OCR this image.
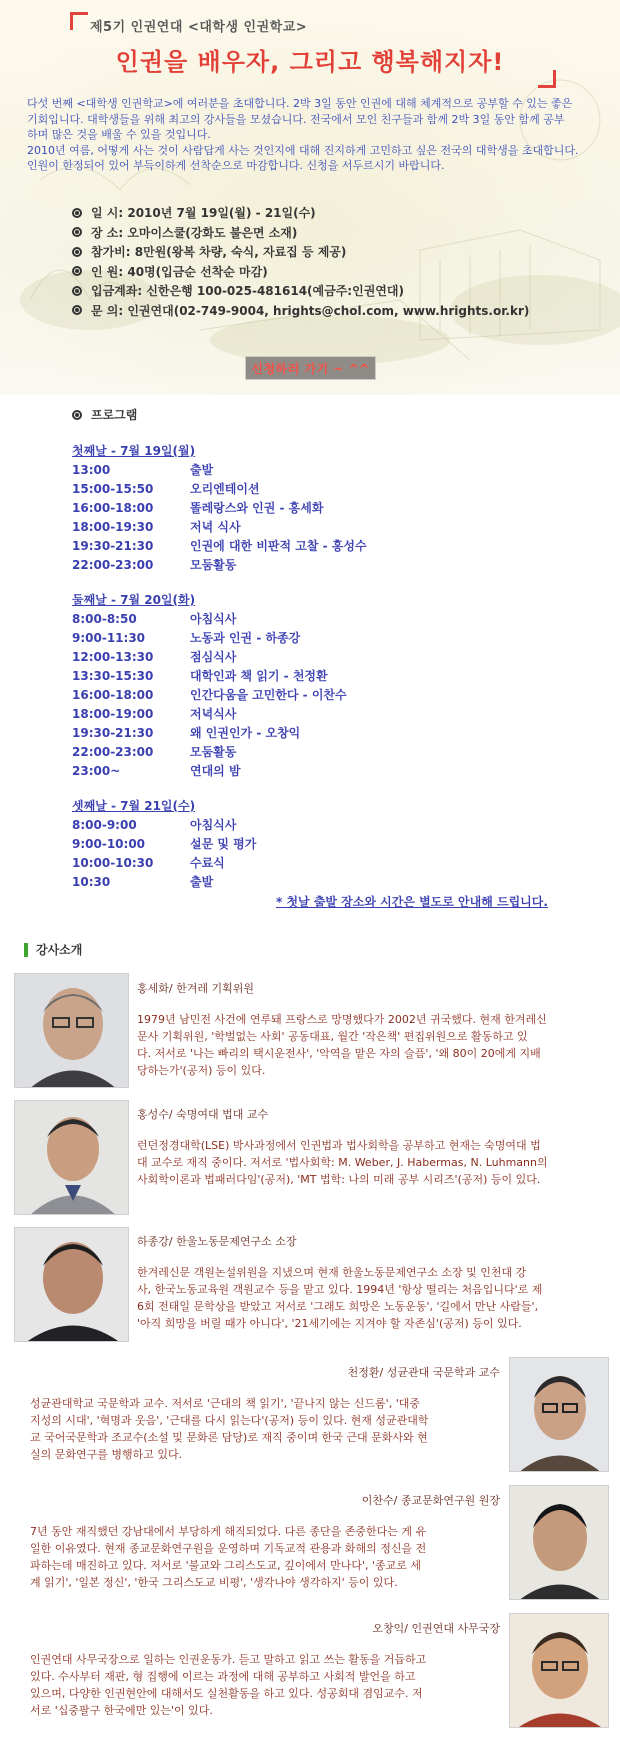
제5기 인권연대 <대학생 인권학교>
인권을 배우자, 그리고 행복해지자!

다섯 번째 <대학생 인권학교>에 여러분을 초대합니다. 2박 3일 동안 인권에 대해 체계적으로 공부할 수 있는 좋은

기회입니다. 대학생들을 위해 최고의 강사들을 모셨습니다. 전국에서 모인 친구들과 함께 2박 3일 동안 함께 공부

하며 많은 것을 배울 수 있을 것입니다.

2010년 여름, 어떻게 사는 것이 사람답게 사는 것인지에 대해 진지하게 고민하고 싶은 전국의 대학생을 초대합니다.

인원이 한정되어 있어 부득이하게 선착순으로 마감합니다. 신청을 서두르시기 바랍니다.

일 시: 2010년 7월 19일(월) - 21일(수)
장 소: 오마이스쿨(강화도 불은면 소재)
참가비: 8만원(왕복 차량, 숙식, 자료집 등 제공)
인 원: 40명(입금순 선착순 마감)
입금계좌: 신한은행 100-025-481614(예금주:인권연대)
문 의: 인권연대(02-749-9004, hrights@chol.com, www.hrights.or.kr)
신청하러 가기 ~ ^^
프로그램
첫째날 - 7월 19일(월)
13:00	출발
15:00-15:50	오리엔테이션
16:00-18:00	똘레랑스와 인권 - 홍세화
18:00-19:30	저녁 식사
19:30-21:30	인권에 대한 비판적 고찰 - 홍성수
22:00-23:00	모둠활동
둘째날 - 7월 20일(화)
8:00-8:50	아침식사
9:00-11:30	노동과 인권 - 하종강
12:00-13:30	점심식사
13:30-15:30	대학인과 책 읽기 - 천정환
16:00-18:00	인간다움을 고민한다 - 이찬수
18:00-19:00	저녁식사
19:30-21:30	왜 인권인가 - 오창익
22:00-23:00	모둠활동
23:00~	연대의 밤
셋째날 - 7월 21일(수)
8:00-9:00	아침식사
9:00-10:00	설문 및 평가
10:00-10:30	수료식
10:30	출발
* 첫날 출발 장소와 시간은 별도로 안내해 드립니다.
강사소개
홍세화/ 한겨레 기획위원
1979년 남민전 사건에 연루돼 프랑스로 망명했다가 2002년 귀국했다. 현재 한겨레신
문사 기획위원, '학벌없는 사회' 공동대표, 월간 '작은책' 편집위원으로 활동하고 있
다. 저서로 '나는 빠리의 택시운전사', '악역을 맡은 자의 슬픔', '왜 80이 20에게 지배
당하는가'(공저) 등이 있다.
홍성수/ 숙명여대 법대 교수
런던정경대학(LSE) 박사과정에서 인권법과 법사회학을 공부하고 현재는 숙명여대 법
대 교수로 재직 중이다. 저서로 '법사회학: M. Weber, J. Habermas, N. Luhmann의
사회학이론과 법패러다임'(공저), 'MT 법학: 나의 미래 공부 시리즈'(공저) 등이 있다.
하종강/ 한울노동문제연구소 소장
한겨레신문 객원논설위원을 지냈으며 현재 한울노동문제연구소 소장 및 인천대 강
사, 한국노동교육원 객원교수 등을 맡고 있다. 1994년 '항상 떨리는 처음입니다'로 제
6회 전태일 문학상을 받았고 저서로 '그래도 희망은 노동운동', '길에서 만난 사람들',
'아직 희망을 버릴 때가 아니다', '21세기에는 지겨야 할 자존심'(공저) 등이 있다.
천정환/ 성균관대 국문학과 교수
성균관대학교 국문학과 교수. 저서로 '근대의 책 읽기', '끝나지 않는 신드롬', '대중
지성의 시대', '혁명과 웃음', '근대를 다시 읽는다'(공저) 등이 있다. 현재 성균관대학
교 국어국문학과 조교수(소설 및 문화론 담당)로 재직 중이며 한국 근대 문화사와 현
실의 문화연구를 병행하고 있다.
이찬수/ 종교문화연구원 원장
7년 동안 재직했던 강남대에서 부당하게 해직되었다. 다른 종단을 존중한다는 게 유
일한 이유였다. 현재 종교문화연구원을 운영하며 기독교적 관용과 화해의 정신을 전
파하는데 매진하고 있다. 저서로 '불교와 그리스도교, 깊이에서 만나다', '종교로 세
계 읽기', '일본 정신', '한국 그리스도교 비평', '생각나야 생각하지' 등이 있다.
오창익/ 인권연대 사무국장
인권연대 사무국장으로 일하는 인권운동가. 듣고 말하고 읽고 쓰는 활동을 거듭하고
있다. 수사부터 재판, 형 집행에 이르는 과정에 대해 공부하고 사회적 발언을 하고
있으며, 다양한 인권현안에 대해서도 실천활동을 하고 있다. 성공회대 겸임교수. 저
서로 '십중팔구 한국에만 있는'이 있다.
